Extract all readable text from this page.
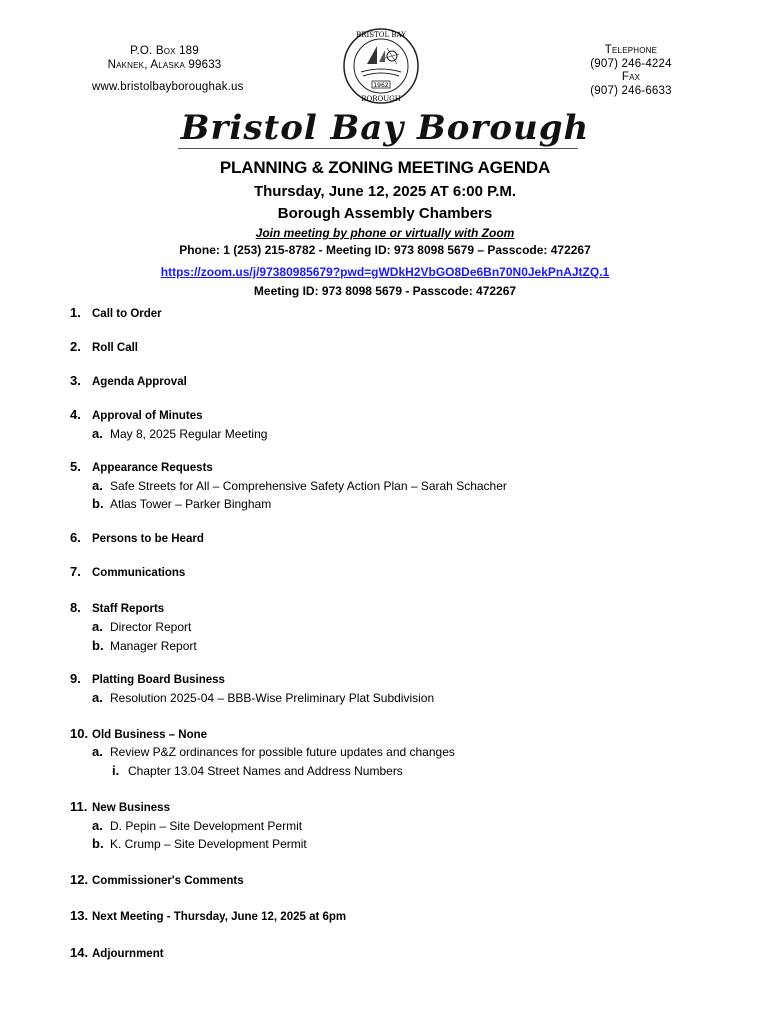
P.O. Box 189
Naknek, Alaska 99633
www.bristolbayboroughak.us	1962
BRISTOL BAY
BOROUGH
Telephone
(907) 246-4224
Fax
(907) 246-6633
Bristol Bay Borough
PLANNING & ZONING MEETING AGENDA
Thursday, June 12, 2025 AT 6:00 P.M.
Borough Assembly Chambers
Join meeting by phone or virtually with Zoom
Phone: 1 (253) 215-8782 - Meeting ID: 973 8098 5679 – Passcode: 472267
https://zoom.us/j/97380985679?pwd=gWDkH2VbGO8De6Bn70N0JekPnAJtZQ.1
Meeting ID: 973 8098 5679 - Passcode: 472267
1. Call to Order
2. Roll Call
3. Agenda Approval
4. Approval of Minutes
a. May 8, 2025 Regular Meeting
5. Appearance Requests
a. Safe Streets for All – Comprehensive Safety Action Plan – Sarah Schacher
b. Atlas Tower – Parker Bingham
6. Persons to be Heard
7. Communications
8. Staff Reports
a. Director Report
b. Manager Report
9. Platting Board Business
a. Resolution 2025-04 – BBB-Wise Preliminary Plat Subdivision
10. Old Business – None
a. Review P&Z ordinances for possible future updates and changes
i. Chapter 13.04 Street Names and Address Numbers
11. New Business
a. D. Pepin – Site Development Permit
b. K. Crump – Site Development Permit
12. Commissioner's Comments
13. Next Meeting - Thursday, June 12, 2025 at 6pm
14. Adjournment
